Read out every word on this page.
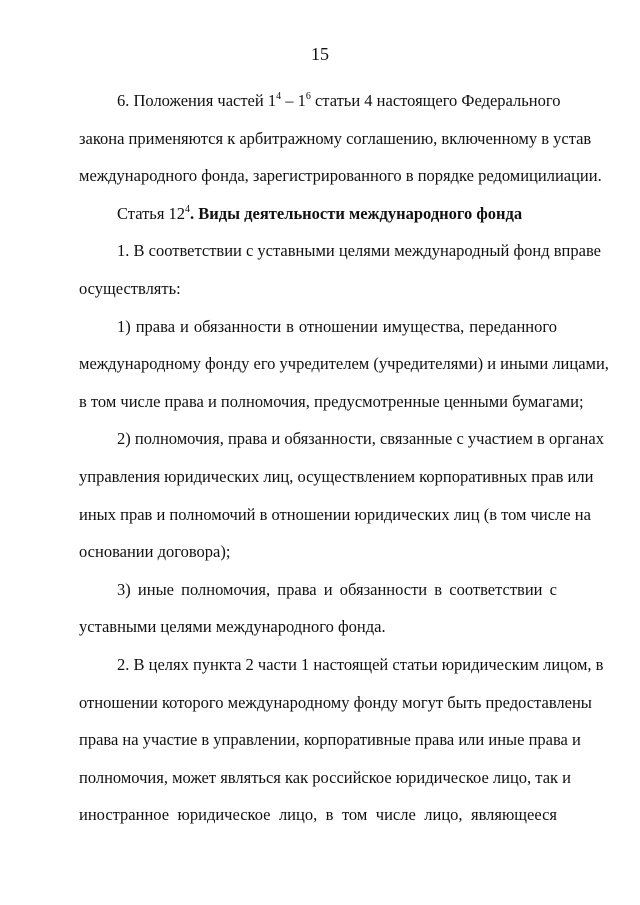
15
6. Положения частей $1^4 - 1^6$ статьи 4 настоящего Федерального
закона применяются к арбитражному соглашению, включенному в устав
международного фонда, зарегистрированного в порядке редомицилиации.
Статья $12^4$. Виды деятельности международного фонда
1. В соответствии с уставными целями международный фонд вправе
осуществлять:
1) права и обязанности в отношении имущества, переданного
международному фонду его учредителем (учредителями) и иными лицами,
в том числе права и полномочия, предусмотренные ценными бумагами;
2) полномочия, права и обязанности, связанные с участием в органах
управления юридических лиц, осуществлением корпоративных прав или
иных прав и полномочий в отношении юридических лиц (в том числе на
основании договора);
3) иные полномочия, права и обязанности в соответствии с
уставными целями международного фонда.
2. В целях пункта 2 части 1 настоящей статьи юридическим лицом, в
отношении которого международному фонду могут быть предоставлены
права на участие в управлении, корпоративные права или иные права и
полномочия, может являться как российское юридическое лицо, так и
иностранное юридическое лицо, в том числе лицо, являющееся
